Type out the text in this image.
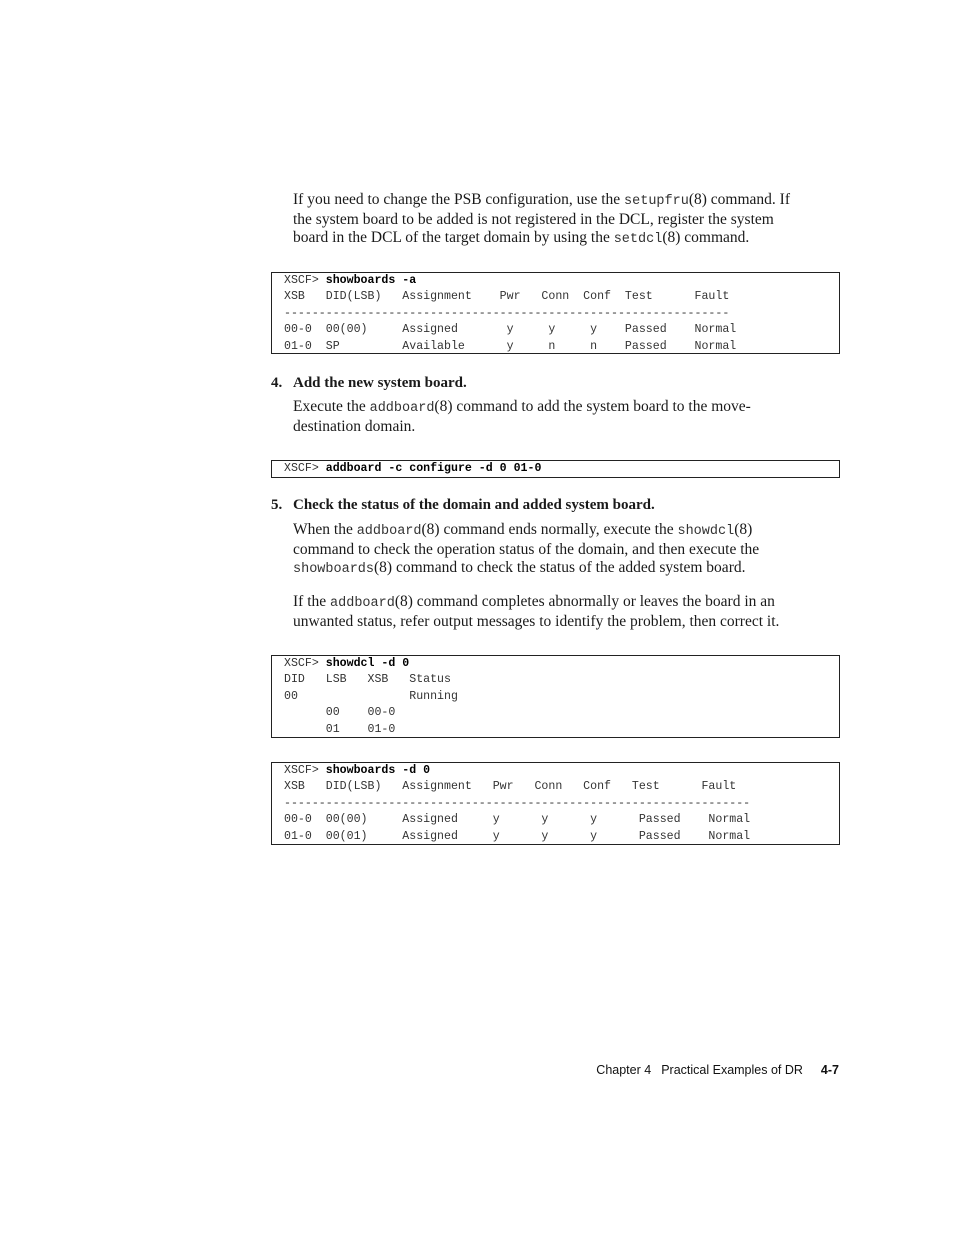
If you need to change the PSB configuration, use the setupfru(8) command. If
the system board to be added is not registered in the DCL, register the system
board in the DCL of the target domain by using the setdcl(8) command.
XSCF> showboards -a
XSB   DID(LSB)   Assignment    Pwr   Conn  Conf  Test      Fault
----------------------------------------------------------------
00-0  00(00)     Assigned       y     y     y    Passed    Normal
01-0  SP         Available      y     n     n    Passed    Normal
4. Add the new system board.
Execute the addboard(8) command to add the system board to the move-
destination domain.
XSCF> addboard -c configure -d 0 01-0
5. Check the status of the domain and added system board.
When the addboard(8) command ends normally, execute the showdcl(8)
command to check the operation status of the domain, and then execute the
showboards(8) command to check the status of the added system board.
If the addboard(8) command completes abnormally or leaves the board in an
unwanted status, refer output messages to identify the problem, then correct it.
XSCF> showdcl -d 0
DID   LSB   XSB   Status
00                Running
00    00-0
01    01-0
XSCF> showboards -d 0
XSB   DID(LSB)   Assignment   Pwr   Conn   Conf   Test      Fault
-------------------------------------------------------------------
00-0  00(00)     Assigned     y      y      y      Passed    Normal
01-0  00(01)     Assigned     y      y      y      Passed    Normal
Chapter 4 Practical Examples of DR 4-7
